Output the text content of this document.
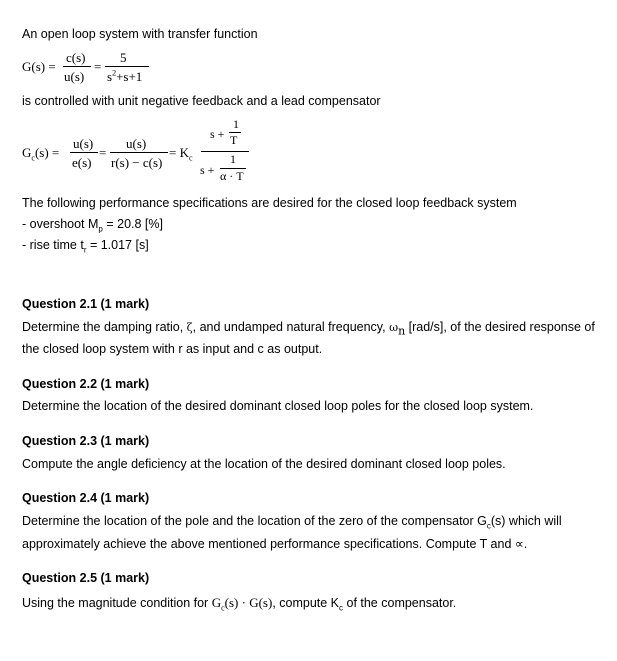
An open loop system with transfer function
G(s) =
c(s)
u(s)
=
5
$s^2+s+1$
is controlled with unit negative feedback and a lead compensator
$G_c(s)$ =
u(s)
e(s)
=
u(s)
r(s) − c(s)
= $K_c$
s +
1
T
s +
1
α · T
The following performance specifications are desired for the closed loop feedback system
- overshoot $M_p = 20.8$ [%]
- rise time $t_r = 1.017$ [s]
Question 2.1 (1 mark)
Determine the damping ratio, ζ, and undamped natural frequency, $\omega_n$ [rad/s], of the desired response of
the closed loop system with r as input and c as output.
Question 2.2 (1 mark)
Determine the location of the desired dominant closed loop poles for the closed loop system.
Question 2.3 (1 mark)
Compute the angle deficiency at the location of the desired dominant closed loop poles.
Question 2.4 (1 mark)
Determine the location of the pole and the location of the zero of the compensator $G_c(s)$ which will
approximately achieve the above mentioned performance specifications. Compute T and ∝.
Question 2.5 (1 mark)
Using the magnitude condition for $G_c(s) \cdot G(s)$, compute $K_c$ of the compensator.
